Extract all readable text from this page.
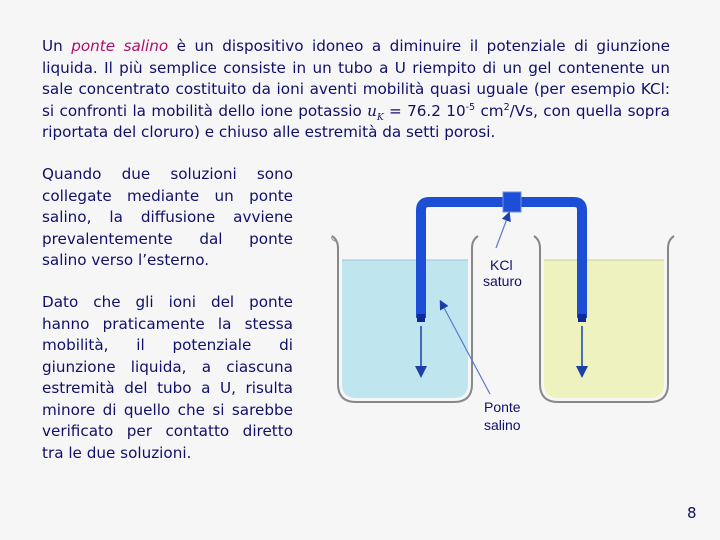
Un ponte salino è un dispositivo idoneo a diminuire il potenziale di giunzione liquida. Il più semplice consiste in un tubo a U riempito di un gel contenente un sale concentrato costituito da ioni aventi mobilità quasi uguale (per esempio KCl: si confronti la mobilità dello ione potassio $u_K = 76.2$ $10^{-5}$ $cm^2/Vs$, con quella sopra riportata del cloruro) e chiuso alle estremità da setti porosi.
Quando due soluzioni sono collegate mediante un ponte salino, la diffusione avviene prevalentemente dal ponte salino verso l’esterno.
Dato che gli ioni del ponte hanno praticamente la stessa mobilità, il potenziale di giunzione liquida, a ciascuna estremità del tubo a U, risulta minore di quello che si sarebbe verificato per contatto diretto tra le due soluzioni.
KCl
saturo
Ponte
salino
8
